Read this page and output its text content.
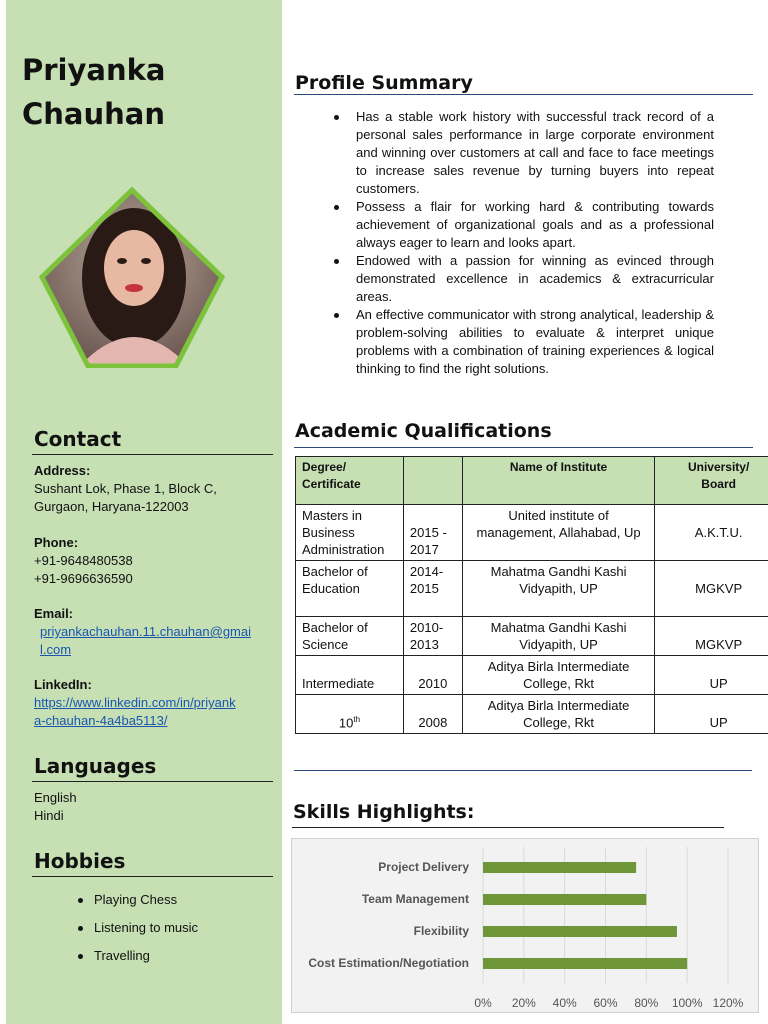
Priyanka
Chauhan
Contact
Address:
Sushant Lok, Phase 1, Block C,
Gurgaon, Haryana-122003
Phone:
+91-9648480538
+91-9696636590
Email:
priyankachauhan.11.chauhan@gmai
l.com
LinkedIn:
https://www.linkedin.com/in/priyank
a-chauhan-4a4ba5113/
Languages
English
Hindi
Hobbies
Playing Chess
Listening to music
Travelling
Profile Summary
Has a stable work history with successful track record of a personal sales performance in large corporate environment and winning over customers at call and face to face meetings to increase sales revenue by turning buyers into repeat customers.
Possess a flair for working hard & contributing towards achievement of organizational goals and as a professional always eager to learn and looks apart.
Endowed with a passion for winning as evinced through demonstrated excellence in academics & extracurricular areas.
An effective communicator with strong analytical, leadership & problem-solving abilities to evaluate & interpret unique problems with a combination of training experiences & logical thinking to find the right solutions.
Academic Qualifications
Degree/
Certificate		Name of Institute	University/
Board
Masters in Business Administration	2015 - 2017	United institute of management, Allahabad, Up	A.K.T.U.
Bachelor of Education	2014-2015	Mahatma Gandhi Kashi Vidyapith, UP	MGKVP
Bachelor of Science	2010-2013	Mahatma Gandhi Kashi Vidyapith, UP	MGKVP
Intermediate	2010	Aditya Birla Intermediate College, Rkt	UP
10th	2008	Aditya Birla Intermediate College, Rkt	UP
Skills Highlights:
0% 20% 40% 60% 80% 100% 120%
Project Delivery
Team Management
Flexibility
Cost Estimation/Negotiation
